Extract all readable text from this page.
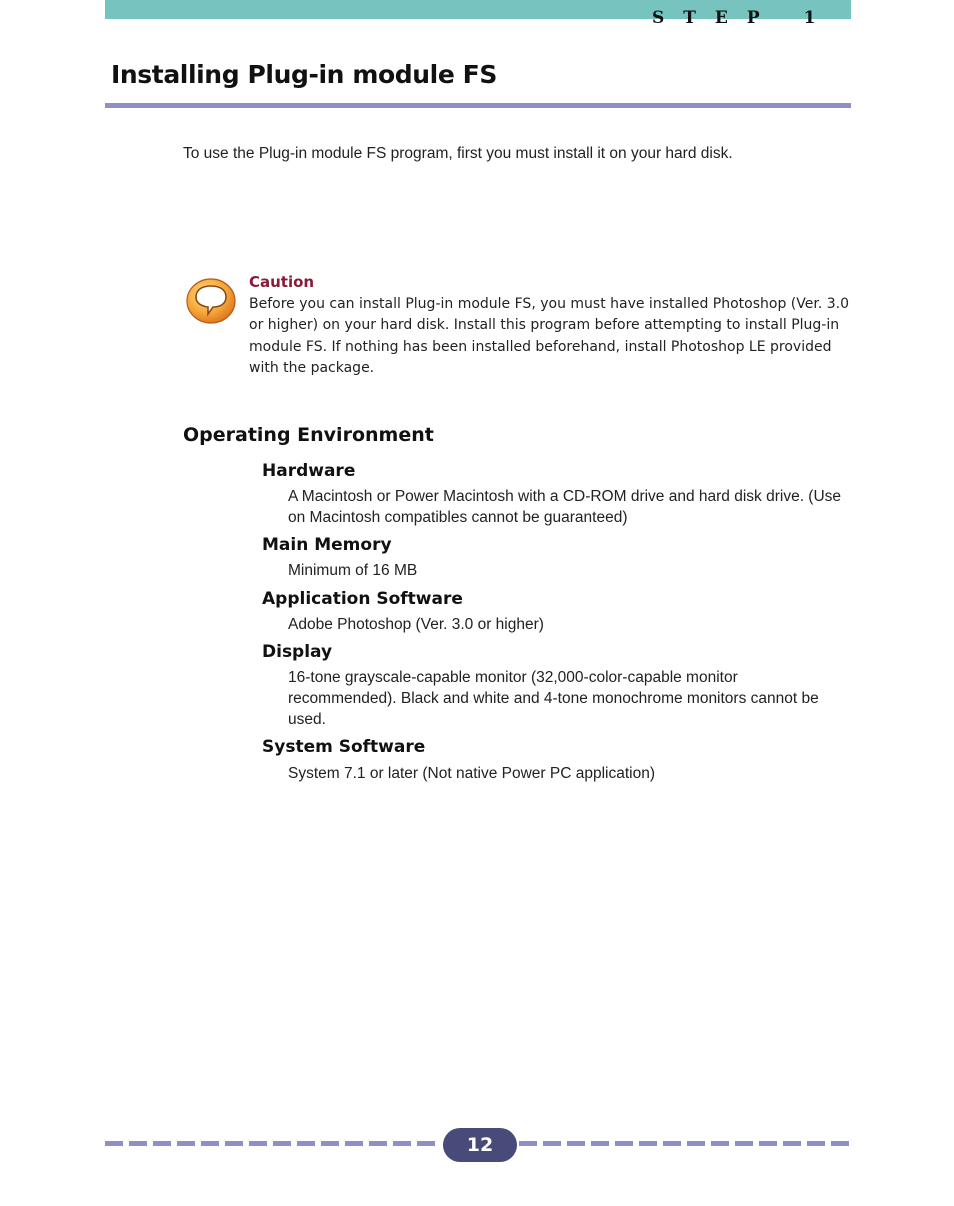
STEP 1
Installing Plug-in module FS

To use the Plug-in module FS program, first you must install it on your hard disk.

Caution

Before you can install Plug-in module FS, you must have installed Photoshop (Ver. 3.0 or higher) on your hard disk. Install this program before attempting to install Plug-in module FS. If nothing has been installed beforehand, install Photoshop LE provided with the package.

Operating Environment
Hardware

A Macintosh or Power Macintosh with a CD-ROM drive and hard disk drive. (Use on Macintosh compatibles cannot be guaranteed)

Main Memory

Minimum of 16 MB

Application Software

Adobe Photoshop (Ver. 3.0 or higher)

Display

16-tone grayscale-capable monitor (32,000-color-capable monitor recommended). Black and white and 4-tone monochrome monitors cannot be used.

System Software

System 7.1 or later (Not native Power PC application)

12
